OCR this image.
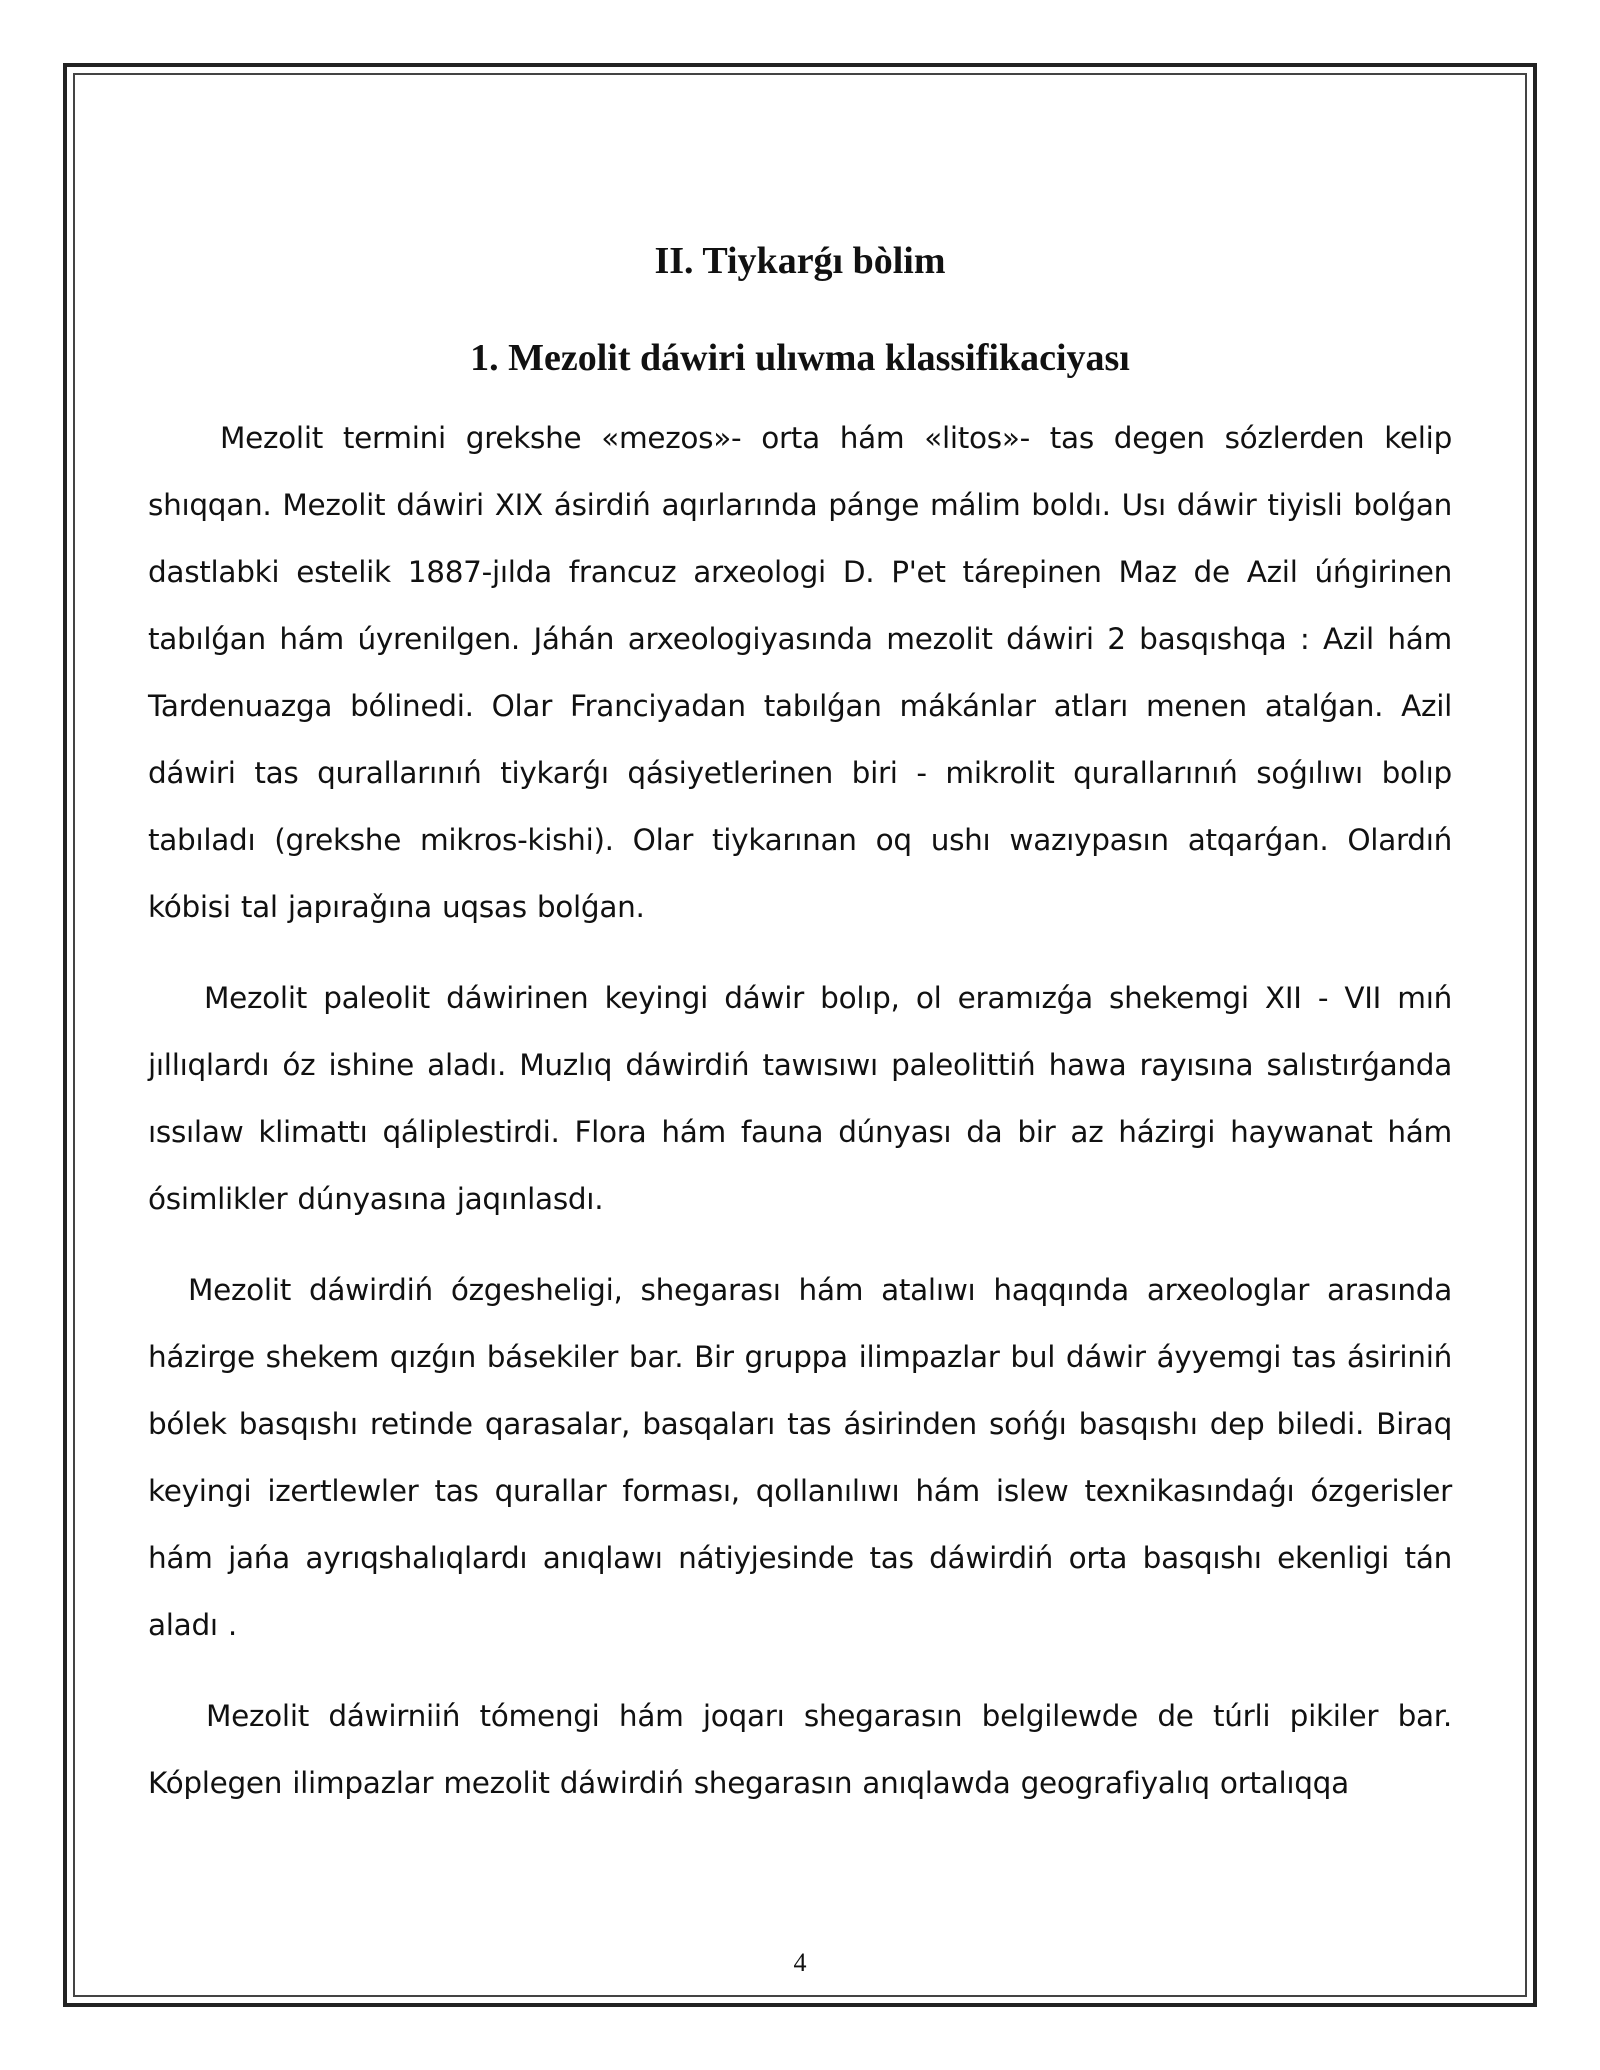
II. Tiykarǵı bòlim
1. Mezolit dáwiri ulıwma klassifikaciyası

Mezolit termini grekshe «mezos»- orta hám «litos»- tas degen sózlerden kelip shıqqan. Mezolit dáwiri XIX ásirdiń aqırlarında pánge málim boldı. Usı dáwir tiyisli bolǵan dastlabki estelik 1887-jılda francuz arxeologi D. P'et tárepinen Maz de Azil úńgirinen tabılǵan hám úyrenilgen. Jáhán arxeologiyasında mezolit dáwiri 2 basqıshqa : Azil hám Tardenuazga bólinedi. Olar Franciyadan tabılǵan mákánlar atları menen atalǵan. Azil dáwiri tas qurallarınıń tiykarǵı qásiyetlerinen biri - mikrolit qurallarınıń soǵılıwı bolıp tabıladı (grekshe mikros-kishi). Olar tiykarınan oq ushı wazıypasın atqarǵan. Olardıń kóbisi tal japıraǧına uqsas bolǵan.

Mezolit paleolit dáwirinen keyingi dáwir bolıp, ol eramızǵa shekemgi XII - VII mıń jıllıqlardı óz ishine aladı. Muzlıq dáwirdiń tawısıwı paleolittiń hawa rayısına salıstırǵanda ıssılaw klimattı qáliplestirdi. Flora hám fauna dúnyası da bir az házirgi haywanat hám ósimlikler dúnyasına jaqınlasdı.

Mezolit dáwirdiń ózgesheligi, shegarası hám atalıwı haqqında arxeologlar arasında házirge shekem qızǵın básekiler bar. Bir gruppa ilimpazlar bul dáwir áyyemgi tas ásiriniń bólek basqıshı retinde qarasalar, basqaları tas ásirinden sońǵı basqıshı dep biledi. Biraq keyingi izertlewler tas qurallar forması, qollanılıwı hám islew texnikasındaǵı ózgerisler hám jańa ayrıqshalıqlardı anıqlawı nátiyjesinde tas dáwirdiń orta basqıshı ekenligi tán aladı .

Mezolit dáwirniiń tómengi hám joqarı shegarasın belgilewde de túrli pikiler bar. Kóplegen ilimpazlar mezolit dáwirdiń shegarasın anıqlawda geografiyalıq ortalıqqa

4
